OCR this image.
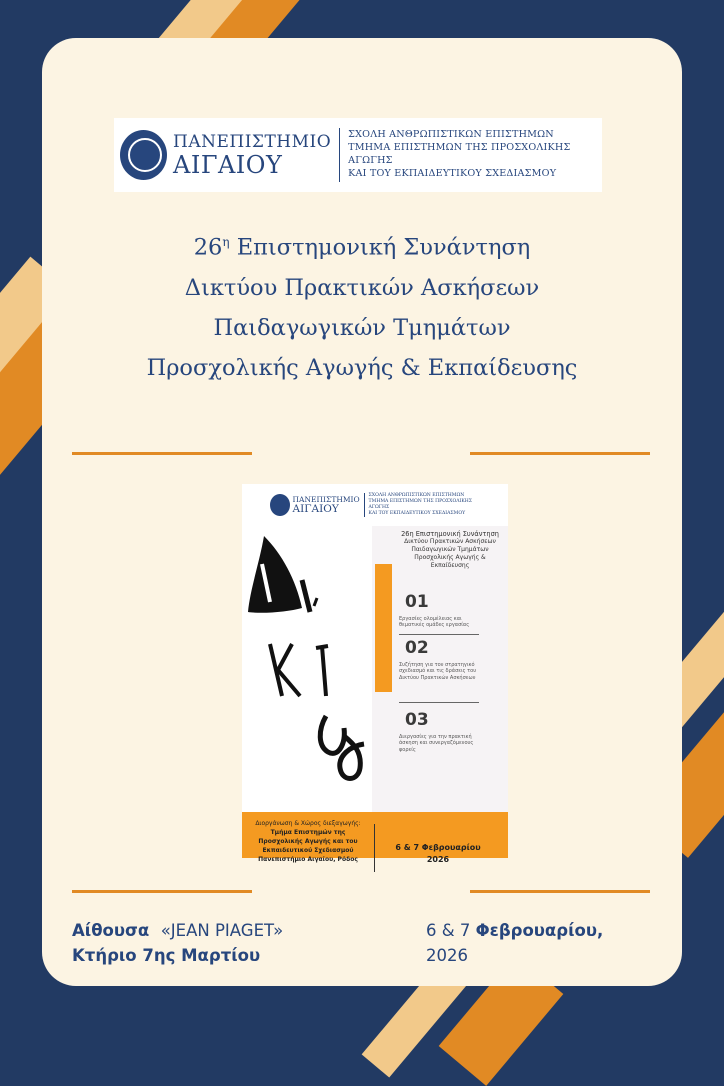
ΠΑΝΕΠΙΣΤΗΜΙΟ
ΑΙΓΑΙΟΥ
ΣΧΟΛΗ ΑΝΘΡΩΠΙΣΤΙΚΩΝ ΕΠΙΣΤΗΜΩΝ
ΤΜΗΜΑ ΕΠΙΣΤΗΜΩΝ ΤΗΣ ΠΡΟΣΧΟΛΙΚΗΣ ΑΓΩΓΗΣ
ΚΑΙ ΤΟΥ ΕΚΠΑΙΔΕΥΤΙΚΟΥ ΣΧΕΔΙΑΣΜΟΥ
$26^\eta$ Επιστημονική Συνάντηση
Δικτύου Πρακτικών Ασκήσεων
Παιδαγωγικών Τμημάτων
Προσχολικής Αγωγής & Εκπαίδευσης
ΠΑΝΕΠΙΣΤΗΜΙΟ
ΑΙΓΑΙΟΥ
ΣΧΟΛΗ ΑΝΘΡΩΠΙΣΤΙΚΩΝ ΕΠΙΣΤΗΜΩΝ
ΤΜΗΜΑ ΕΠΙΣΤΗΜΩΝ ΤΗΣ ΠΡΟΣΧΟΛΙΚΗΣ ΑΓΩΓΗΣ
ΚΑΙ ΤΟΥ ΕΚΠΑΙΔΕΥΤΙΚΟΥ ΣΧΕΔΙΑΣΜΟΥ
Δίκτυο
26η Επιστημονική Συνάντηση
Δικτύου Πρακτικών Ασκήσεων
Παιδαγωγικών Τμημάτων
Προσχολικής Αγωγής &
Εκπαίδευσης
01
Εργασίες ολομέλειας και θεματικές ομάδες εργασίας
02
Συζήτηση για τον στρατηγικό σχεδιασμό και τις δράσεις του Δικτύου Πρακτικών Ασκήσεων
03
Διεργασίες για την πρακτική άσκηση και συνεργαζόμενους φορείς
Διοργάνωση & Χώρος διεξαγωγής:
Τμήμα Επιστημών της
Προσχολικής Αγωγής και του
Εκπαιδευτικού Σχεδιασμού
Πανεπιστήμιο Αιγαίου, Ρόδος
6 & 7 Φεβρουαρίου
2026
Αίθουσα «JEAN PIAGET»
Κτήριο 7ης Μαρτίου
6 & 7 Φεβρουαρίου,
2026
